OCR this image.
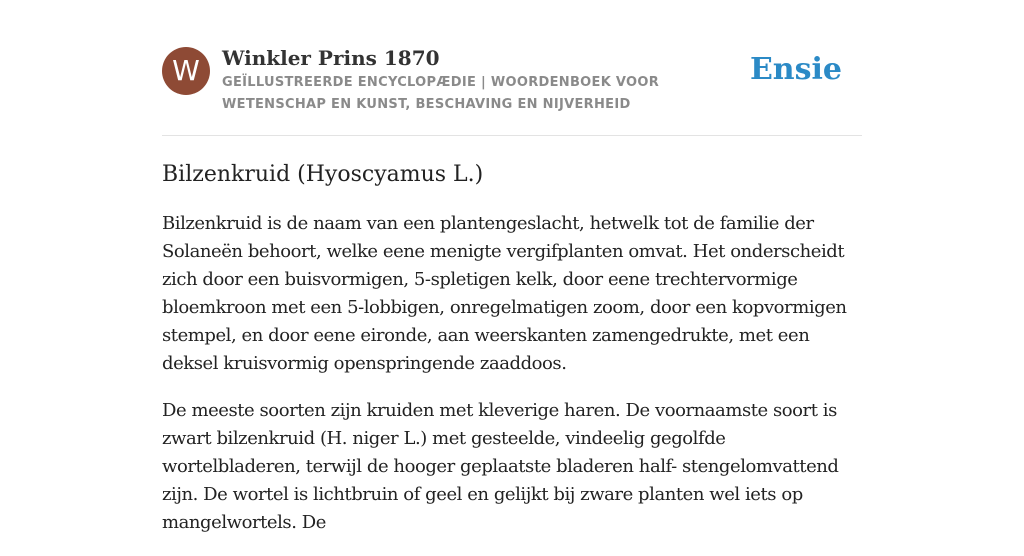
W	Winkler Prins 1870

GEÏLLUSTREERDE ENCYCLOPÆDIE | WOORDENBOEK VOOR WETENSCHAP EN KUNST, BESCHAVING EN NIJVERHEID

Ensie
Bilzenkruid (Hyoscyamus L.)

Bilzenkruid is de naam van een plantengeslacht, hetwelk tot de familie der Solaneën behoort, welke eene menigte vergifplanten omvat. Het onderscheidt zich door een buisvormigen, 5-spletigen kelk, door eene trechtervormige bloemkroon met een 5-lobbigen, onregelmatigen zoom, door een kopvormigen stempel, en door eene eironde, aan weerskanten zamengedrukte, met een deksel kruisvormig openspringende zaaddoos.

De meeste soorten zijn kruiden met kleverige haren. De voornaamste soort is zwart bilzenkruid (H. niger L.) met gesteelde, vindeelig gegolfde wortelbladeren, terwijl de hooger geplaatste bladeren half- stengelomvattend zijn. De wortel is lichtbruin of geel en gelijkt bij zware planten wel iets op mangelwortels. De
